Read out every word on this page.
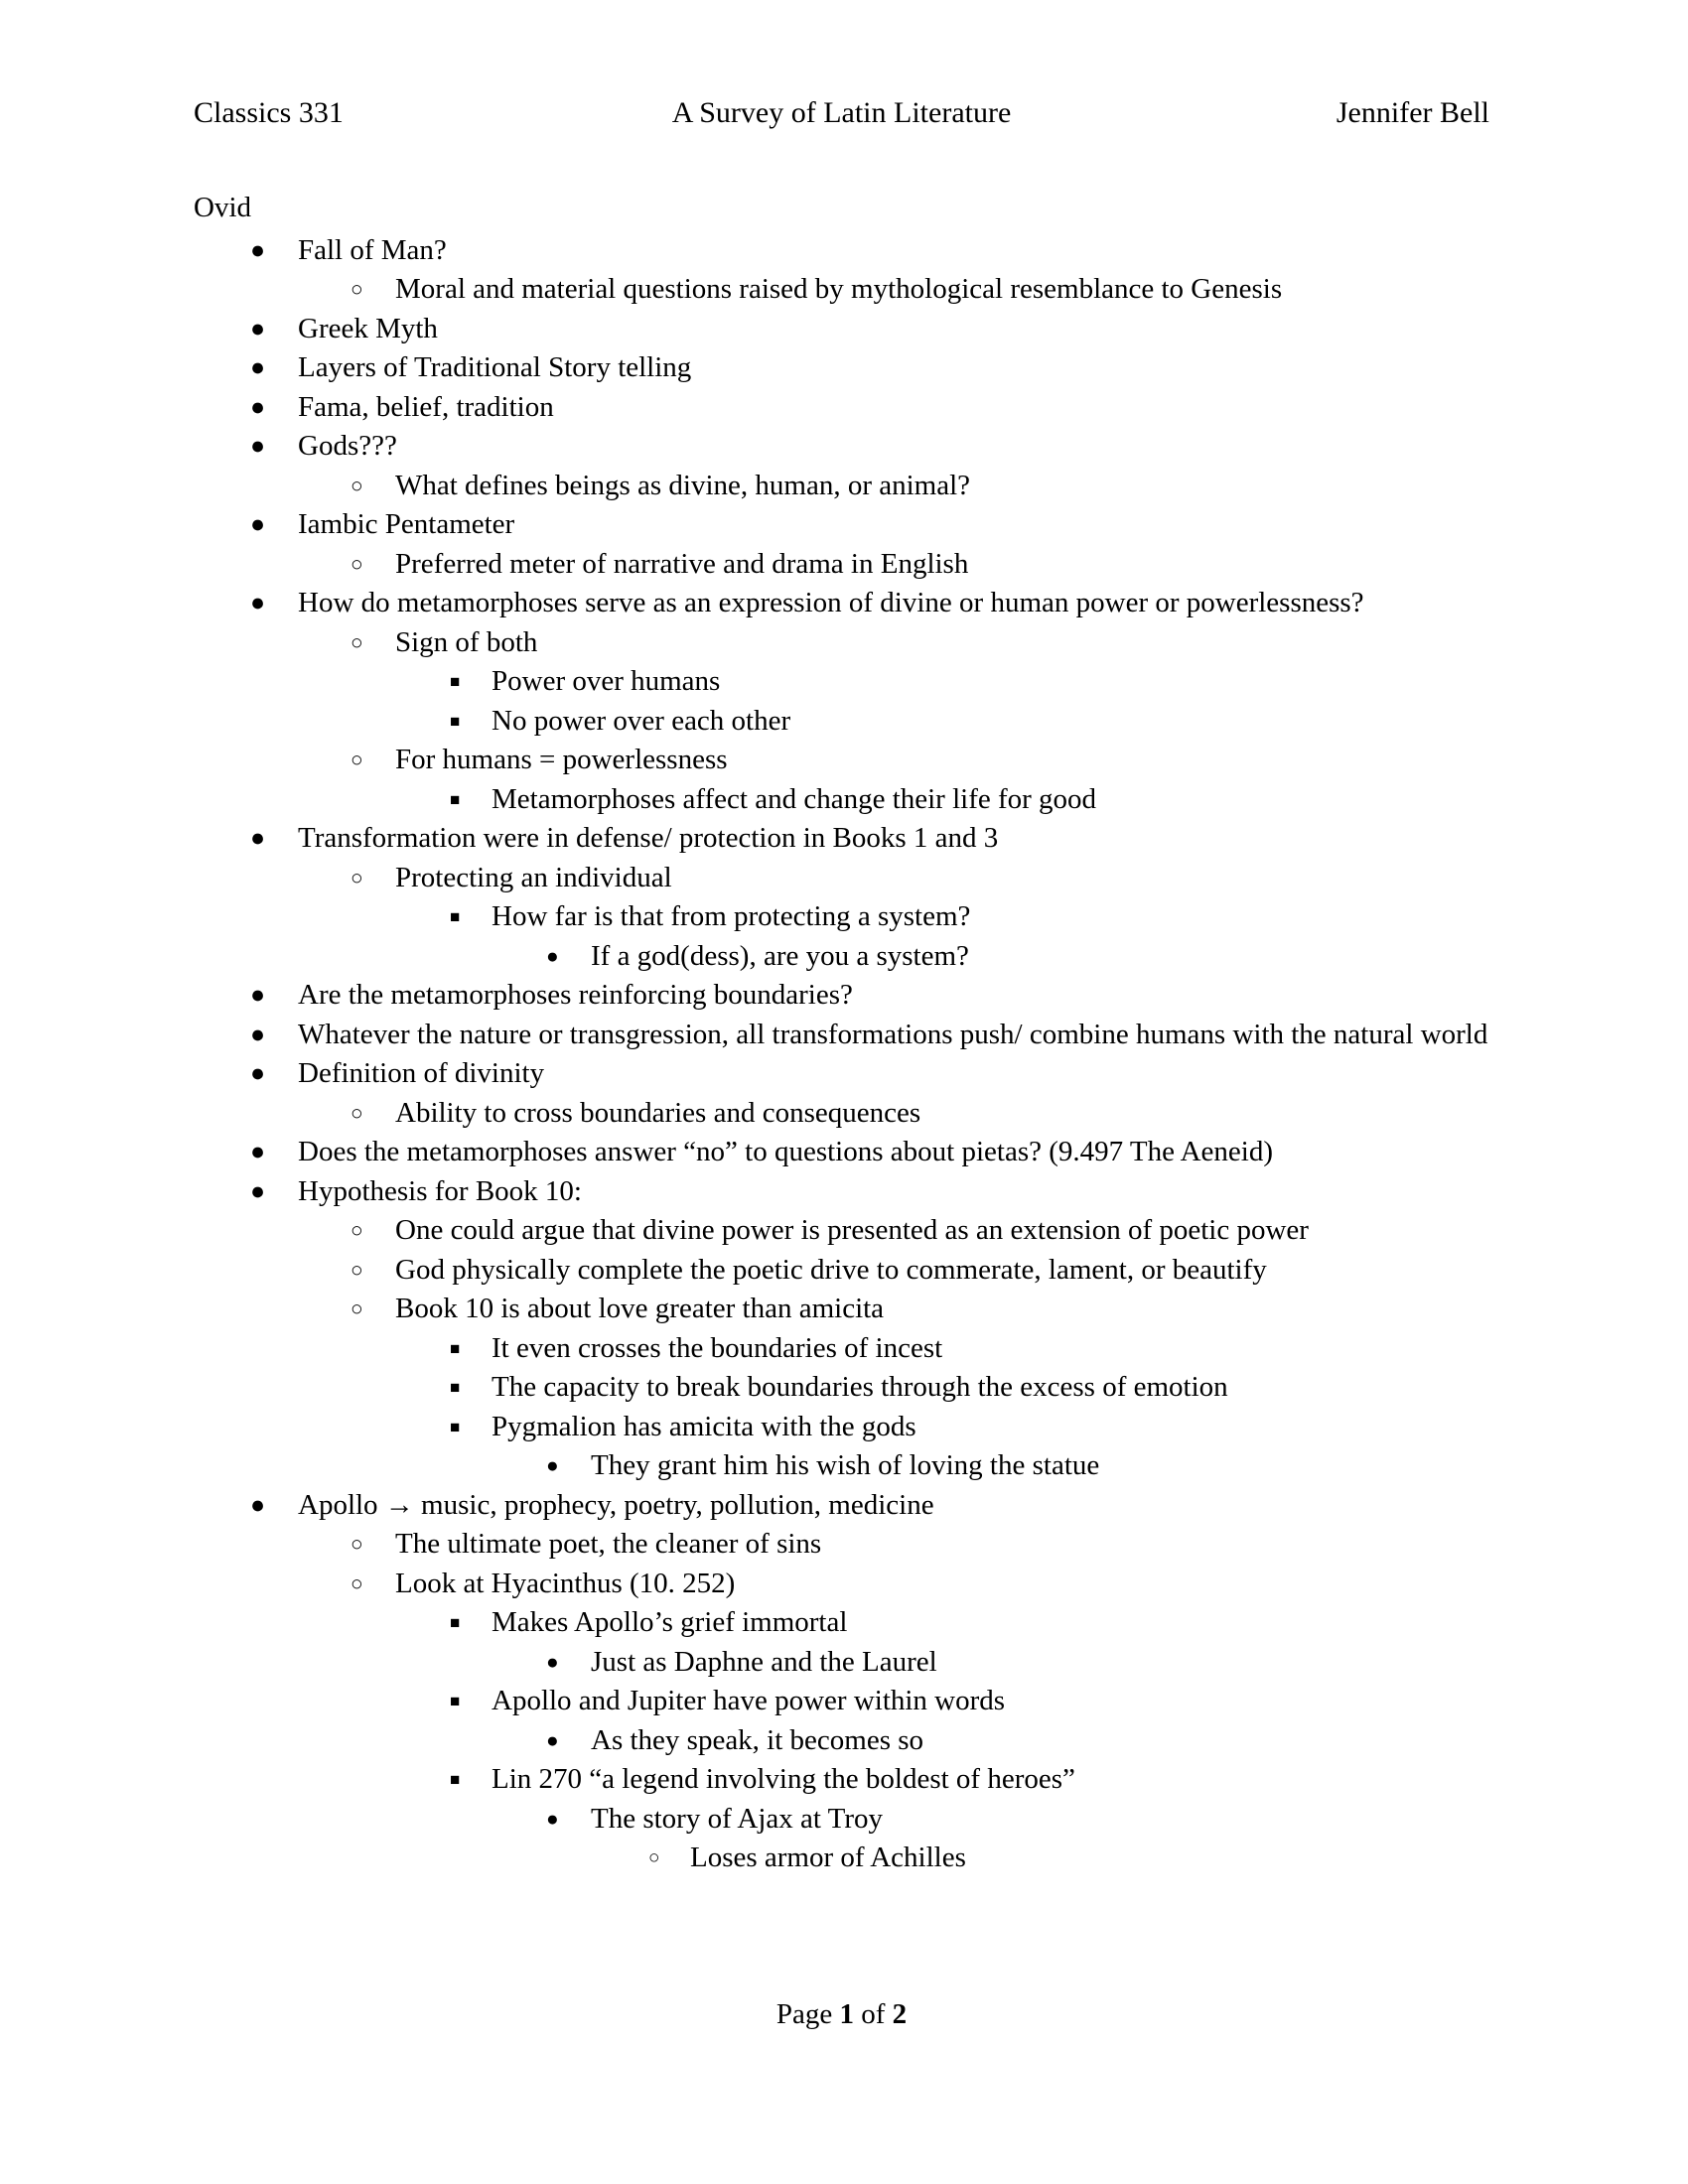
Classics 331	A Survey of Latin Literature	Jennifer Bell

Ovid

● Fall of Man?
○ Moral and material questions raised by mythological resemblance to Genesis
● Greek Myth
● Layers of Traditional Story telling
● Fama, belief, tradition
● Gods???
○ What defines beings as divine, human, or animal?
● Iambic Pentameter
○ Preferred meter of narrative and drama in English
● How do metamorphoses serve as an expression of divine or human power or powerlessness?
○ Sign of both
■ Power over humans
■ No power over each other
○ For humans = powerlessness
■ Metamorphoses affect and change their life for good
● Transformation were in defense/ protection in Books 1 and 3
○ Protecting an individual
■ How far is that from protecting a system?
● If a god(dess), are you a system?
● Are the metamorphoses reinforcing boundaries?
● Whatever the nature or transgression, all transformations push/ combine humans with the natural world
● Definition of divinity
○ Ability to cross boundaries and consequences
● Does the metamorphoses answer “no” to questions about pietas? (9.497 The Aeneid)
● Hypothesis for Book 10:
○ One could argue that divine power is presented as an extension of poetic power
○ God physically complete the poetic drive to commerate, lament, or beautify
○ Book 10 is about love greater than amicita
■ It even crosses the boundaries of incest
■ The capacity to break boundaries through the excess of emotion
■ Pygmalion has amicita with the gods
● They grant him his wish of loving the statue
● Apollo → music, prophecy, poetry, pollution, medicine
○ The ultimate poet, the cleaner of sins
○ Look at Hyacinthus (10. 252)
■ Makes Apollo’s grief immortal
● Just as Daphne and the Laurel
■ Apollo and Jupiter have power within words
● As they speak, it becomes so
■ Lin 270 “a legend involving the boldest of heroes”
● The story of Ajax at Troy
○ Loses armor of Achilles
Page 1 of 2
